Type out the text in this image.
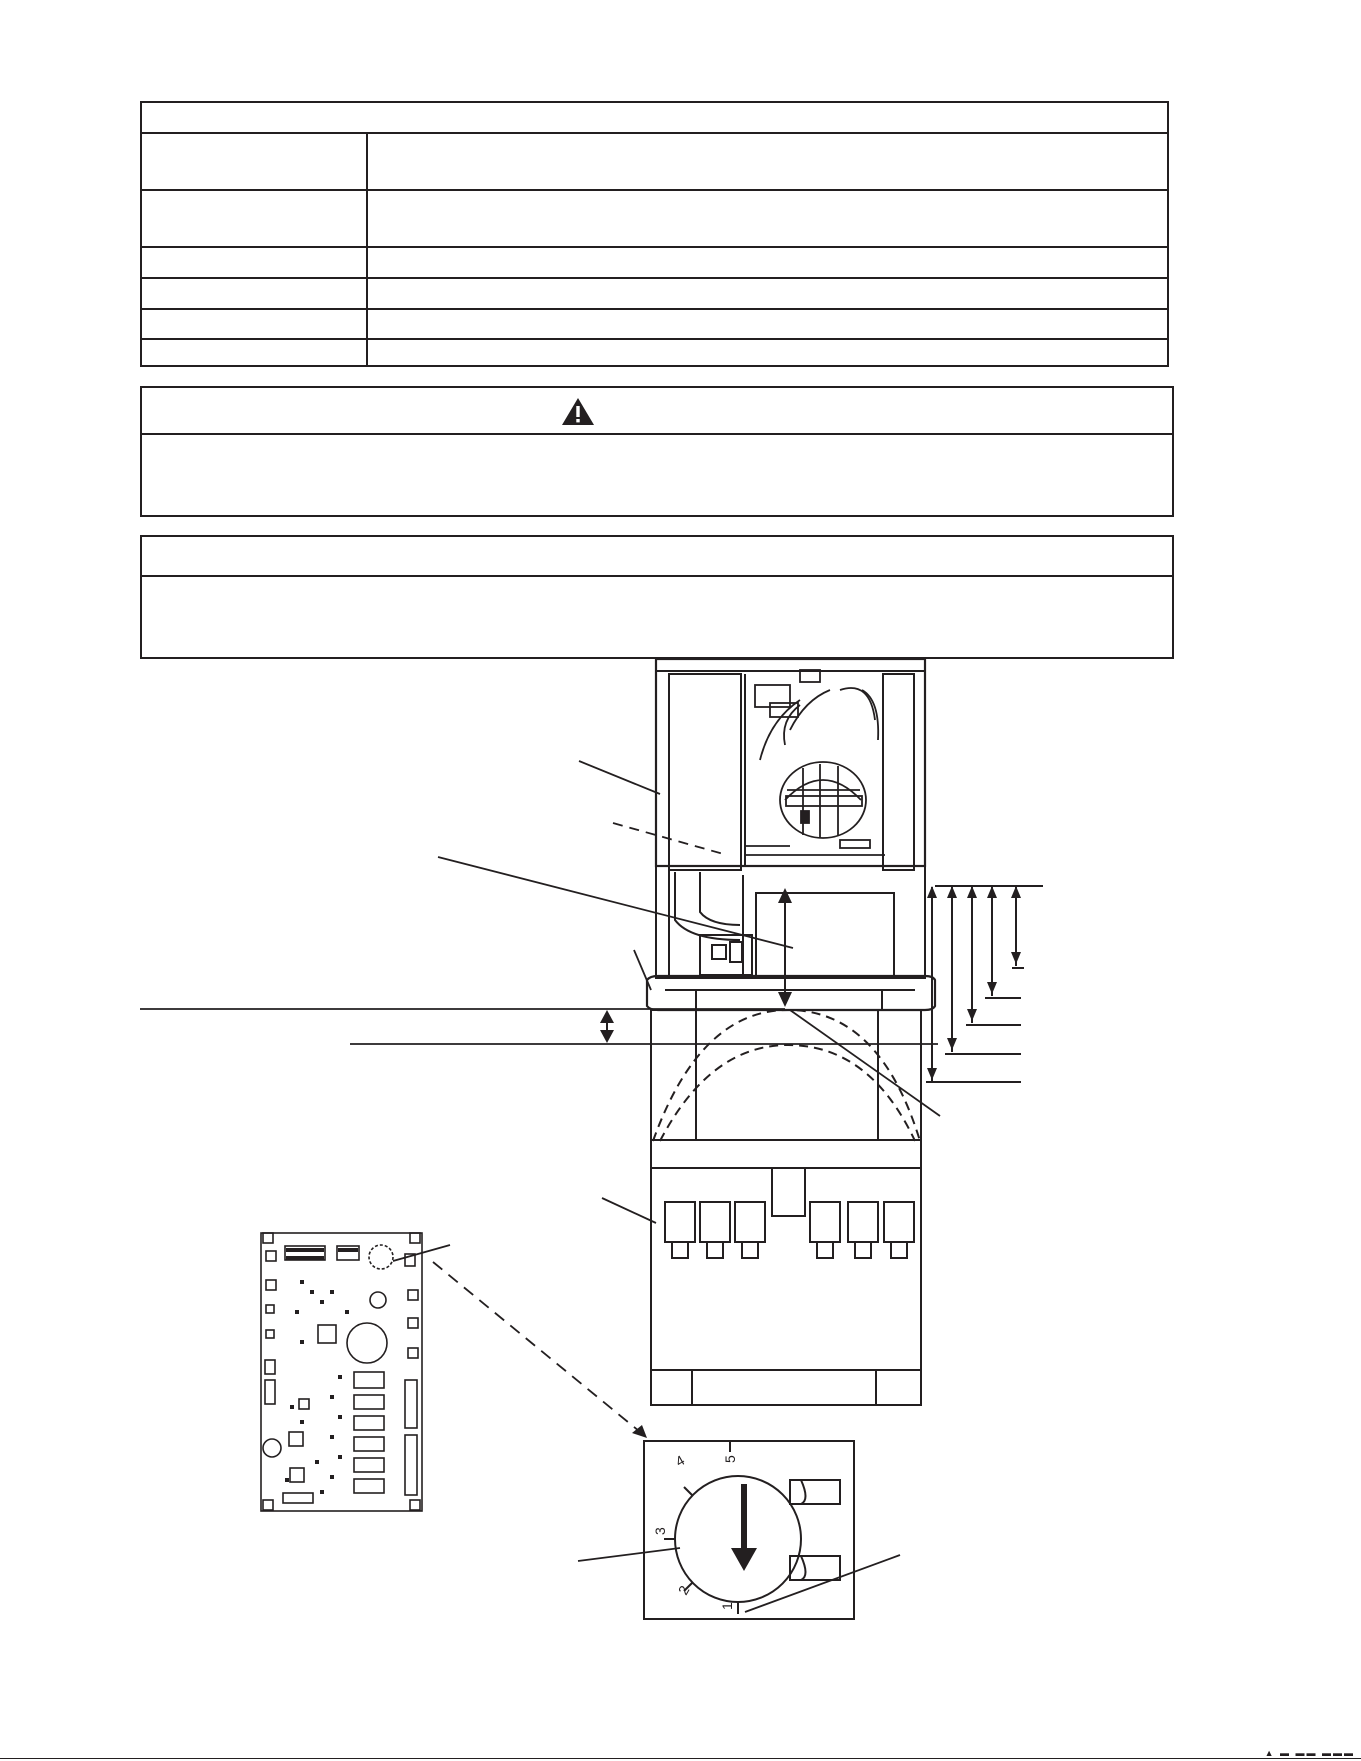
1
2
3
4 5
▲ ▬ ▬▬ ▬▬▬
